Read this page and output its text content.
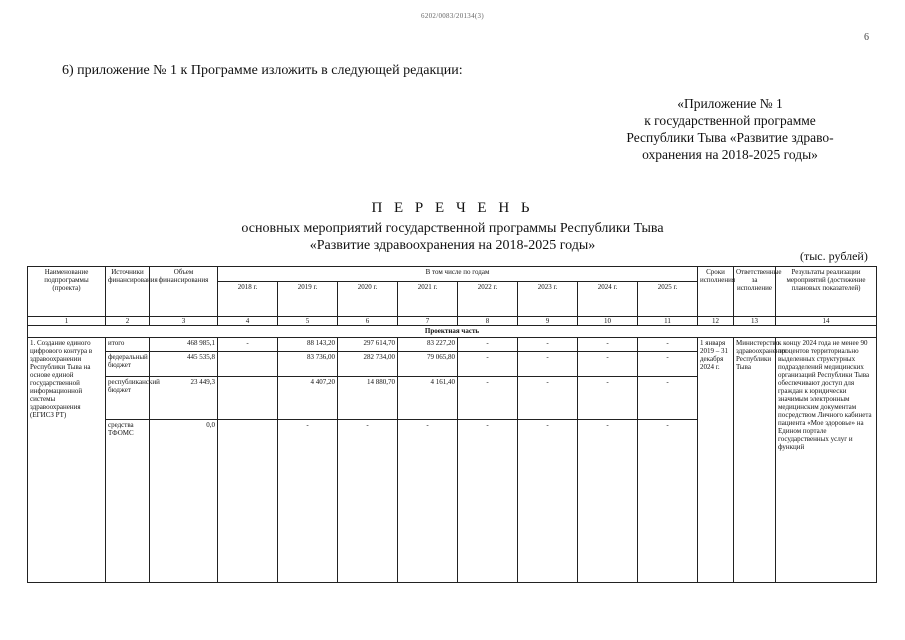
6202/0083/20134(3)
6
6) приложение № 1 к Программе изложить в следующей редакции:
«Приложение № 1
к государственной программе
Республики Тыва «Развитие здраво-
охранения на 2018-2025 годы»
П Е Р Е Ч Е Н Ь
основных мероприятий государственной программы Республики Тыва
«Развитие здравоохранения на 2018-2025 годы»
(тыс. рублей)
Наименование подпрограммы (проекта)	Источники финансирования	Объем финансирования	В том числе по годам								Сроки исполнения	Ответственные за исполнение	Результаты реализации мероприятий (достижение плановых показателей)
			2018 г.	2019 г.	2020 г.	2021 г.	2022 г.	2023 г.	2024 г.	2025 г.			
1	2	3	4	5	6	7	8	9	10	11	12	13	14
Проектная часть													
1. Создание единого цифрового контура в здравоохранении Республики Тыва на основе единой государственной информационной системы здравоохранения (ЕГИСЗ РТ)	итого	468 985,1	-	88 143,20	297 614,70	83 227,20	-	-	-	-	1 января 2019 – 31 декабря 2024 г.	Министерство здравоохранения Республики Тыва	к концу 2024 года не менее 90 процентов территориально выделенных структурных подразделений медицинских организаций Республики Тыва обеспечивают доступ для граждан к юридически значимым электронным медицинским документам посредством Личного кабинета пациента «Мое здоровье» на Едином портале государственных услуг и функций
	федеральный бюджет	445 535,8		83 736,00	282 734,00	79 065,80	-	-	-	-			
	республиканский бюджет	23 449,3		4 407,20	14 880,70	4 161,40	-	-	-	-			
	средства ТФОМС	0,0		-	-	-	-	-	-	-			
